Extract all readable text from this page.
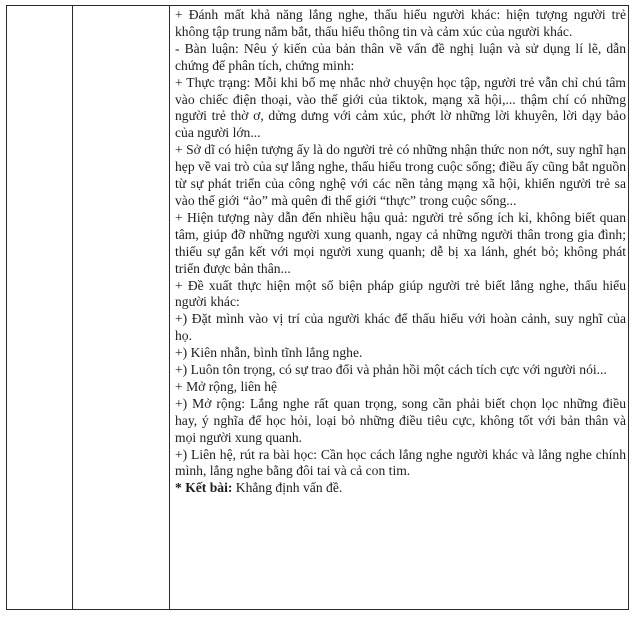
+ Đánh mất khả năng lắng nghe, thấu hiểu người khác: hiện tượng người trẻ không tập trung nắm bắt, thấu hiểu thông tin và cảm xúc của người khác.

- Bàn luận: Nêu ý kiến của bản thân về vấn đề nghị luận và sử dụng lí lẽ, dẫn chứng để phân tích, chứng minh:

+ Thực trạng: Mỗi khi bố mẹ nhắc nhở chuyện học tập, người trẻ vẫn chỉ chú tâm vào chiếc điện thoại, vào thế giới của tiktok, mạng xã hội,... thậm chí có những người trẻ thờ ơ, dửng dưng với cảm xúc, phớt lờ những lời khuyên, lời dạy bảo của người lớn...

+ Sở dĩ có hiện tượng ấy là do người trẻ có những nhận thức non nớt, suy nghĩ hạn hẹp về vai trò của sự lắng nghe, thấu hiểu trong cuộc sống; điều ấy cũng bắt nguồn từ sự phát triển của công nghệ với các nền tảng mạng xã hội, khiến người trẻ sa vào thế giới “ảo” mà quên đi thế giới “thực” trong cuộc sống...

+ Hiện tượng này dẫn đến nhiều hậu quả: người trẻ sống ích kỉ, không biết quan tâm, giúp đỡ những người xung quanh, ngay cả những người thân trong gia đình; thiếu sự gắn kết với mọi người xung quanh; dễ bị xa lánh, ghét bỏ; không phát triển được bản thân...

+ Đề xuất thực hiện một số biện pháp giúp người trẻ biết lắng nghe, thấu hiểu người khác:

+) Đặt mình vào vị trí của người khác để thấu hiểu với hoàn cảnh, suy nghĩ của họ.

+) Kiên nhẫn, bình tĩnh lắng nghe.

+) Luôn tôn trọng, có sự trao đổi và phản hồi một cách tích cực với người nói...

+ Mở rộng, liên hệ

+) Mở rộng: Lắng nghe rất quan trọng, song cần phải biết chọn lọc những điều hay, ý nghĩa để học hỏi, loại bỏ những điều tiêu cực, không tốt với bản thân và mọi người xung quanh.

+) Liên hệ, rút ra bài học: Cần học cách lắng nghe người khác và lắng nghe chính mình, lắng nghe bằng đôi tai và cả con tim.

* Kết bài: Khẳng định vấn đề.
